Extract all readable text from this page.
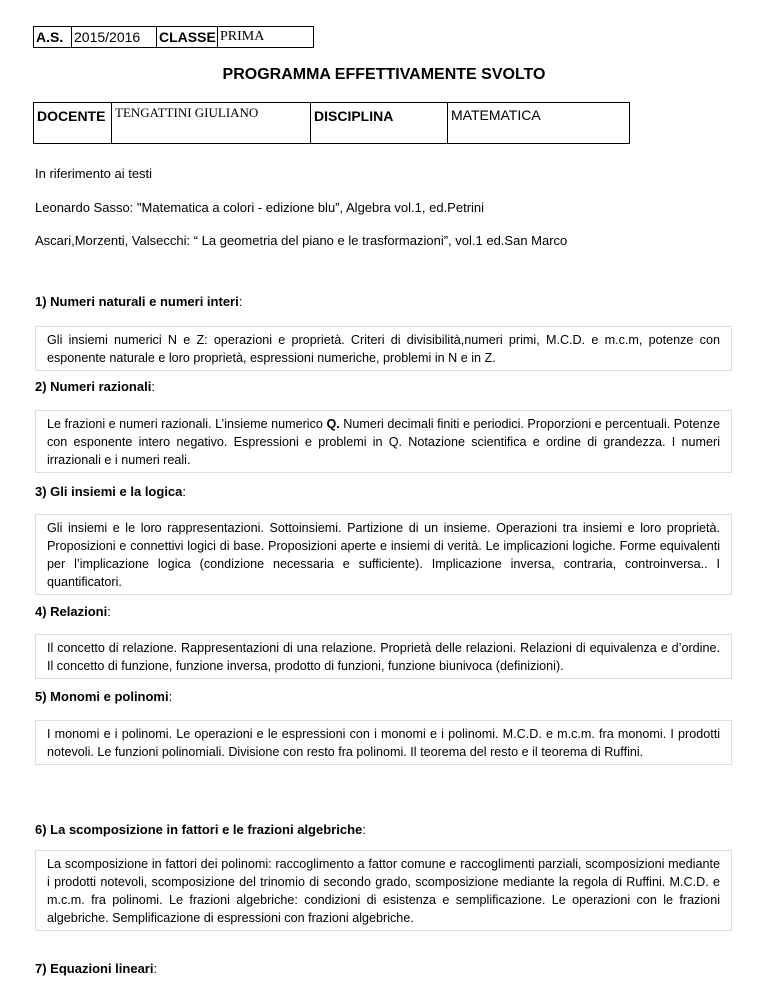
A.S. 2015/2016	CLASSE PRIMA
PROGRAMMA EFFETTIVAMENTE SVOLTO
DOCENTE TENGATTINI GIULIANO	DISCIPLINA	MATEMATICA
In riferimento ai testi
Leonardo Sasso: "Matematica a colori - edizione blu”, Algebra vol.1, ed.Petrini
Ascari,Morzenti, Valsecchi: “ La geometria del piano e le trasformazioni”, vol.1 ed.San Marco
1) Numeri naturali e numeri interi:
Gli insiemi numerici N e Z: operazioni e proprietà. Criteri di divisibilità,numeri primi, M.C.D. e m.c.m, potenze con esponente naturale e loro proprietà, espressioni numeriche, problemi in N e in Z.
2) Numeri razionali:
Le frazioni e numeri razionali. L’insieme numerico Q. Numeri decimali finiti e periodici. Proporzioni e percentuali. Potenze con esponente intero negativo. Espressioni e problemi in Q. Notazione scientifica e ordine di grandezza. I numeri irrazionali e i numeri reali.
3) Gli insiemi e la logica:
Gli insiemi e le loro rappresentazioni. Sottoinsiemi. Partizione di un insieme. Operazioni tra insiemi e loro proprietà. Proposizioni e connettivi logici di base. Proposizioni aperte e insiemi di verità. Le implicazioni logiche. Forme equivalenti per l’implicazione logica (condizione necessaria e sufficiente). Implicazione inversa, contraria, controinversa.. I quantificatori.
4) Relazioni:
Il concetto di relazione. Rappresentazioni di una relazione. Proprietà delle relazioni. Relazioni di equivalenza e d’ordine. Il concetto di funzione, funzione inversa, prodotto di funzioni, funzione biunivoca (definizioni).
5) Monomi e polinomi:
I monomi e i polinomi. Le operazioni e le espressioni con i monomi e i polinomi. M.C.D. e m.c.m. fra monomi. I prodotti notevoli. Le funzioni polinomiali. Divisione con resto fra polinomi. Il teorema del resto e il teorema di Ruffini.
6) La scomposizione in fattori e le frazioni algebriche:
La scomposizione in fattori dei polinomi: raccoglimento a fattor comune e raccoglimenti parziali, scomposizioni mediante i prodotti notevoli, scomposizione del trinomio di secondo grado, scomposizione mediante la regola di Ruffini. M.C.D. e m.c.m. fra polinomi. Le frazioni algebriche: condizioni di esistenza e semplificazione. Le operazioni con le frazioni algebriche. Semplificazione di espressioni con frazioni algebriche.
7) Equazioni lineari:
